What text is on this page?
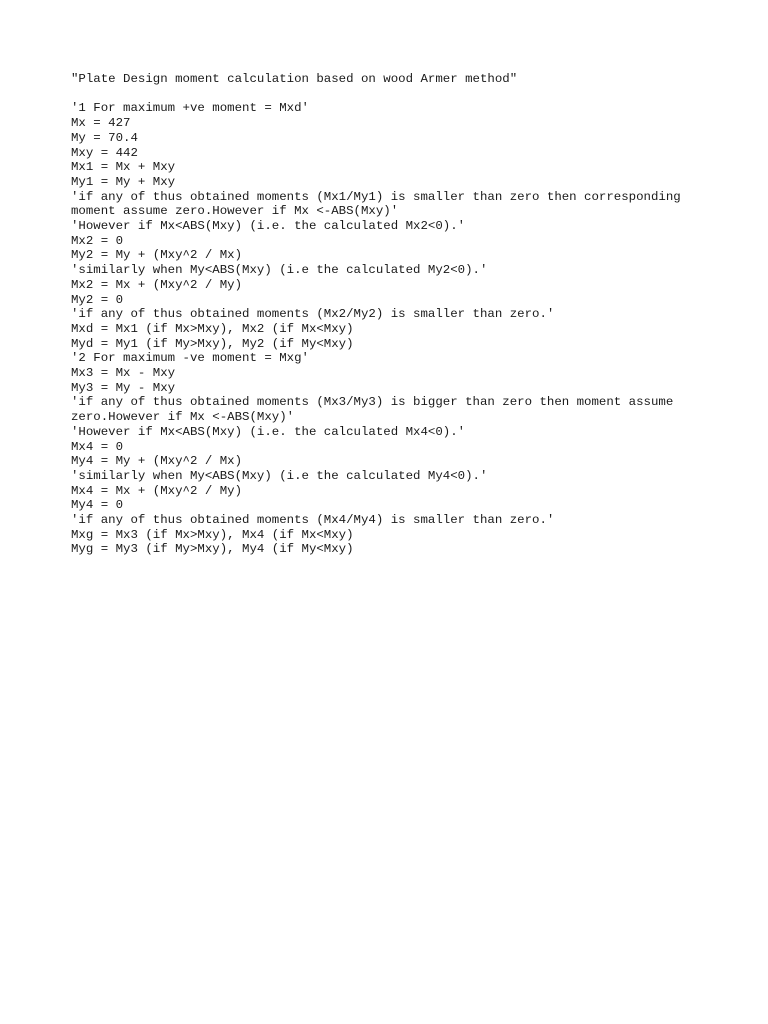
"Plate Design moment calculation based on wood Armer method"
'1 For maximum +ve moment = Mxd'
Mx = 427
My = 70.4
Mxy = 442
Mx1 = Mx + Mxy
My1 = My + Mxy
'if any of thus obtained moments (Mx1/My1) is smaller than zero then corresponding moment assume zero.However if Mx <-ABS(Mxy)'
'However if Mx<ABS(Mxy) (i.e. the calculated Mx2<0).'
Mx2 = 0
My2 = My + (Mxy^2 / Mx)
'similarly when My<ABS(Mxy) (i.e the calculated My2<0).'
Mx2 = Mx + (Mxy^2 / My)
My2 = 0
'if any of thus obtained moments (Mx2/My2) is smaller than zero.'
Mxd = Mx1 (if Mx>Mxy), Mx2 (if Mx<Mxy)
Myd = My1 (if My>Mxy), My2 (if My<Mxy)
'2 For maximum -ve moment = Mxg'
Mx3 = Mx - Mxy
My3 = My - Mxy
'if any of thus obtained moments (Mx3/My3) is bigger than zero then moment assume zero.However if Mx <-ABS(Mxy)'
'However if Mx<ABS(Mxy) (i.e. the calculated Mx4<0).'
Mx4 = 0
My4 = My + (Mxy^2 / Mx)
'similarly when My<ABS(Mxy) (i.e the calculated My4<0).'
Mx4 = Mx + (Mxy^2 / My)
My4 = 0
'if any of thus obtained moments (Mx4/My4) is smaller than zero.'
Mxg = Mx3 (if Mx>Mxy), Mx4 (if Mx<Mxy)
Myg = My3 (if My>Mxy), My4 (if My<Mxy)
